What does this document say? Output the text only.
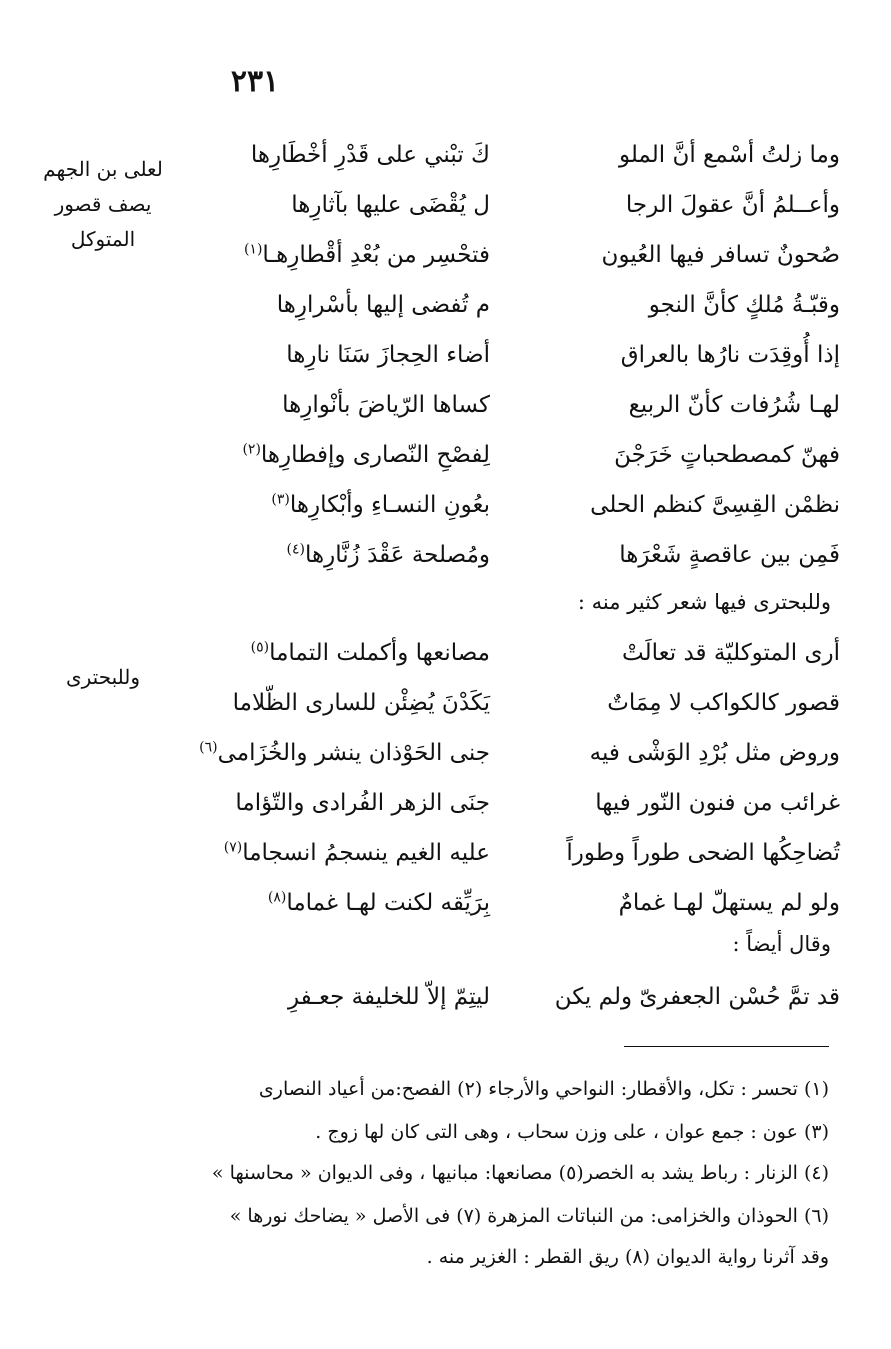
٢٣١
لعلى بن الجهم
يصف قصور
المتوكل
وللبحترى
وما زلتُ أسْمع أنَّ الملو
كَ تبْني على قَدْرِ أخْطَارِها
وأعــلمُ أنَّ عقولَ الرجا
ل يُقْضَى عليها بآثارِها
صُحونٌ تسافر فيها العُيون
فتحْسِر من بُعْدِ أقْطارِهـا$^{(١)}$
وقبّـةُ مُلكٍ كأنَّ النجو
م تُفضى إليها بأسْرارِها
إذا أُوقِدَت نارُها بالعراق
أضاء الحِجازَ سَنَا نارِها
لهـا شُرُفات كأنّ الربيع
كساها الرّياضَ بأنْوارِها
فهنّ كمصطحباتٍ خَرَجْنَ
لِفصْحِ النّصارى وإفطارِها$^{(٢)}$
نظمْن القِسِىَّ كنظم الحلى
بعُونِ النسـاءِ وأبْكارِها$^{(٣)}$
فَمِن بين عاقصةٍ شَعْرَها
ومُصلحة عَقْدَ زُنَّارِها$^{(٤)}$
وللبحترى فيها شعر كثير منه :
أرى المتوكليّة قد تعالَتْ
مصانعها وأكملت التماما$^{(٥)}$
قصور كالكواكب لا مِمَاتٌ
يَكَدْنَ يُضِئْن للسارى الظّلاما
وروض مثل بُرْدِ الوَشْى فيه
جنى الحَوْذان ينشر والخُزَامى$^{(٦)}$
غرائب من فنون النّور فيها
جنَى الزهر الفُرادى والتّؤاما
تُضاحِكُها الضحى طوراً وطوراً
عليه الغيم ينسجمُ انسجاما$^{(٧)}$
ولو لم يستهلّ لهـا غمامٌ
بِرَيِّقه لكنت لهـا غماما$^{(٨)}$
وقال أيضاً :
قد تمَّ حُسْن الجعفرىّ ولم يكن
ليتِمّ إلاّ للخليفة جعـفرِ
(١) تحسر : تكل، والأقطار: النواحي والأرجاء (٢) الفصح:من أعياد النصارى
(٣) عون : جمع عوان ، على وزن سحاب ، وهى التى كان لها زوج .
(٤) الزنار : رباط يشد به الخصر(٥) مصانعها: مبانيها ، وفى الديوان « محاسنها »
(٦) الحوذان والخزامى: من النباتات المزهرة (٧) فى الأصل « يضاحك نورها »
وقد آثرنا رواية الديوان (٨) ريق القطر : الغزير منه .
